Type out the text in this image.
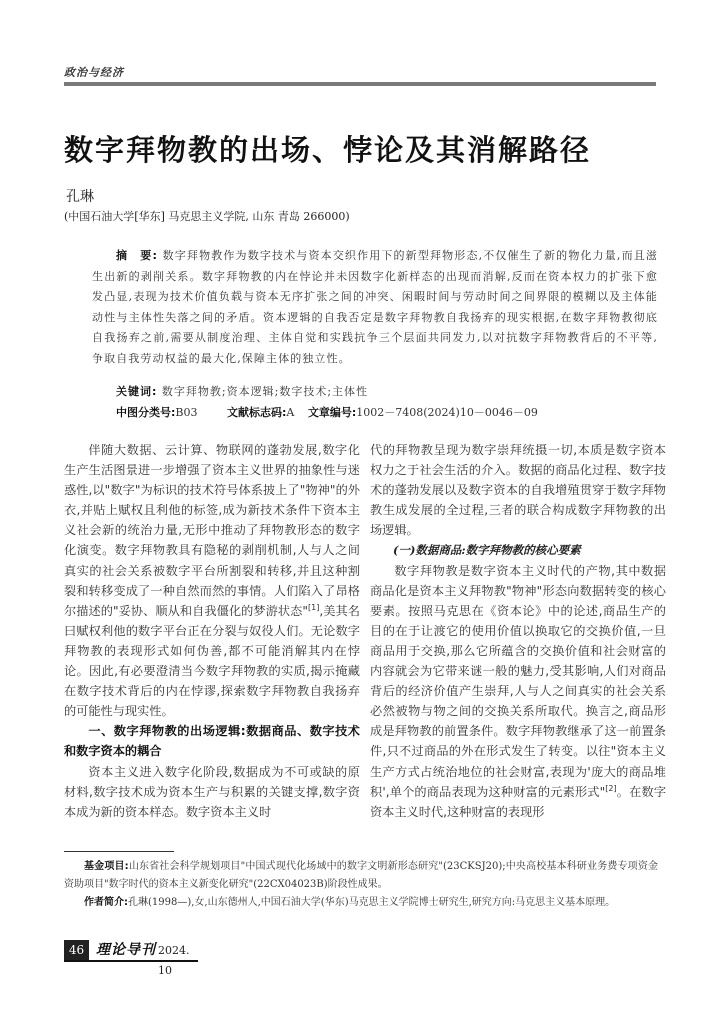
政治与经济
数字拜物教的出场、悖论及其消解路径
孔琳
(中国石油大学[华东] 马克思主义学院, 山东 青岛 266000)
摘　要: 数字拜物教作为数字技术与资本交织作用下的新型拜物形态,不仅催生了新的物化力量,而且滋生出新的剥削关系。数字拜物教的内在悖论并未因数字化新样态的出现而消解,反而在资本权力的扩张下愈发凸显,表现为技术价值负载与资本无序扩张之间的冲突、闲暇时间与劳动时间之间界限的模糊以及主体能动性与主体性失落之间的矛盾。资本逻辑的自我否定是数字拜物教自我扬弃的现实根据,在数字拜物教彻底自我扬弃之前,需要从制度治理、主体自觉和实践抗争三个层面共同发力,以对抗数字拜物教背后的不平等,争取自我劳动权益的最大化,保障主体的独立性。
关键词: 数字拜物教;资本逻辑;数字技术;主体性
中图分类号:B03	文献标志码:A 文章编号:1002－7408(2024)10－0046－09

伴随大数据、云计算、物联网的蓬勃发展,数字化生产生活图景进一步增强了资本主义世界的抽象性与迷惑性,以"数字"为标识的技术符号体系披上了"物神"的外衣,并贴上赋权且利他的标签,成为新技术条件下资本主义社会新的统治力量,无形中推动了拜物教形态的数字化演变。数字拜物教具有隐秘的剥削机制,人与人之间真实的社会关系被数字平台所割裂和转移,并且这种割裂和转移变成了一种自然而然的事情。人们陷入了昂格尔描述的"妥协、顺从和自我僵化的梦游状态"[1],美其名曰赋权利他的数字平台正在分裂与奴役人们。无论数字拜物教的表现形式如何伪善,都不可能消解其内在悖论。因此,有必要澄清当今数字拜物教的实质,揭示掩藏在数字技术背后的内在悖谬,探索数字拜物教自我扬弃的可能性与现实性。

一、数字拜物教的出场逻辑:数据商品、数字技术和数字资本的耦合

资本主义进入数字化阶段,数据成为不可或缺的原材料,数字技术成为资本生产与积累的关键支撑,数字资本成为新的资本样态。数字资本主义时

代的拜物教呈现为数字崇拜统摄一切,本质是数字资本权力之于社会生活的介入。数据的商品化过程、数字技术的蓬勃发展以及数字资本的自我增殖贯穿于数字拜物教生成发展的全过程,三者的联合构成数字拜物教的出场逻辑。

(一)数据商品:数字拜物教的核心要素

数字拜物教是数字资本主义时代的产物,其中数据商品化是资本主义拜物教"物神"形态向数据转变的核心要素。按照马克思在《资本论》中的论述,商品生产的目的在于让渡它的使用价值以换取它的交换价值,一旦商品用于交换,那么它所蕴含的交换价值和社会财富的内容就会为它带来谜一般的魅力,受其影响,人们对商品背后的经济价值产生崇拜,人与人之间真实的社会关系必然被物与物之间的交换关系所取代。换言之,商品形成是拜物教的前置条件。数字拜物教继承了这一前置条件,只不过商品的外在形式发生了转变。以往"资本主义生产方式占统治地位的社会财富,表现为'庞大的商品堆积',单个的商品表现为这种财富的元素形式"[2]。在数字资本主义时代,这种财富的表现形

基金项目:山东省社会科学规划项目"中国式现代化场域中的数字文明新形态研究"(23CKSJ20);中央高校基本科研业务费专项资金资助项目"数字时代的资本主义新变化研究"(22CX04023B)阶段性成果。

作者简介:孔琳(1998—),女,山东德州人,中国石油大学(华东)马克思主义学院博士研究生,研究方向:马克思主义基本原理。

46 理论导刊 2024. 10
